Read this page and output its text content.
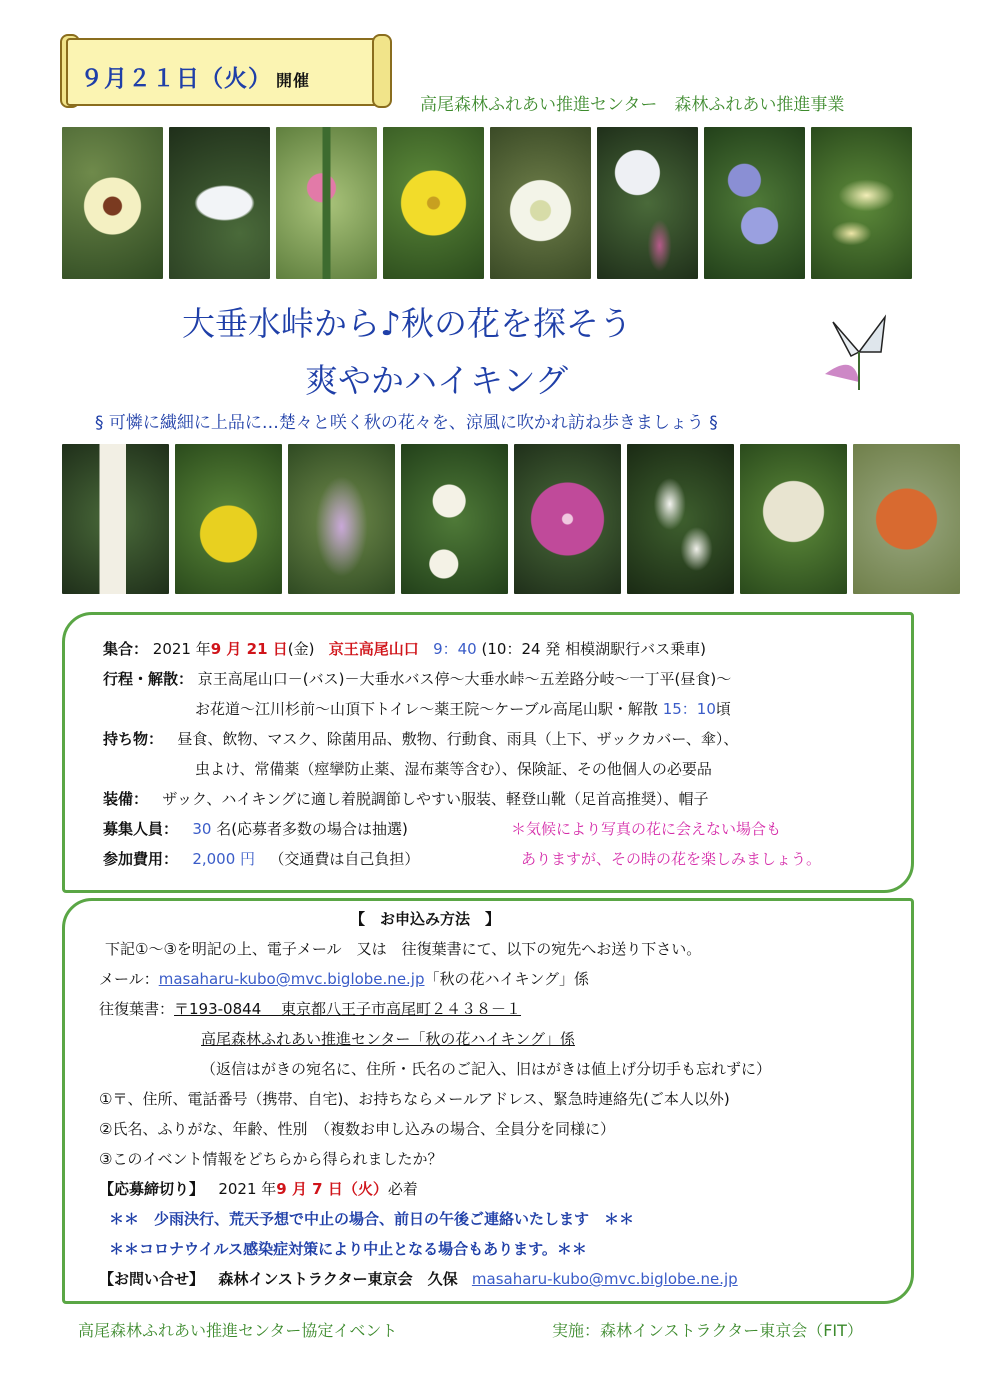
９月２１日（火） 開催
高尾森林ふれあい推進センター　森林ふれあい推進事業
大垂水峠から♪秋の花を探そう
爽やかハイキング
§ 可憐に繊細に上品に…楚々と咲く秋の花々を、涼風に吹かれ訪ね歩きましょう §
集合： 2021 年9 月 21 日(金) 京王高尾山口 9：40 (10：24 発 相模湖駅行バス乗車)
行程・解散： 京王高尾山口－(バス)－大垂水バス停～大垂水峠～五差路分岐～一丁平(昼食)～
お花道～江川杉前～山頂下トイレ～薬王院～ケーブル高尾山駅・解散 15：10頃
持ち物： 昼食、飲物、マスク、除菌用品、敷物、行動食、雨具（上下、ザックカバー、傘）、
虫よけ、常備薬（痙攣防止薬、湿布薬等含む）、保険証、その他個人の必要品
装備： ザック、ハイキングに適し着脱調節しやすい服装、軽登山靴（足首高推奨）、帽子
募集人員： 30 名(応募者多数の場合は抽選)
参加費用： 2,000 円 （交通費は自己負担）
＊気候により写真の花に会えない場合も
ありますが、その時の花を楽しみましょう。
【　お申込み方法　】
下記①～③を明記の上、電子メール　又は　往復葉書にて、以下の宛先へお送り下さい。
メール：masaharu-kubo@mvc.biglobe.ne.jp「秋の花ハイキング」係
往復葉書：〒193-0844　 東京都八王子市高尾町２４３８－１
高尾森林ふれあい推進センター「秋の花ハイキング」係
（返信はがきの宛名に、住所・氏名のご記入、旧はがきは値上げ分切手も忘れずに）
①〒、住所、電話番号（携帯、自宅)、お持ちならメールアドレス、緊急時連絡先(ご本人以外)
②氏名、ふりがな、年齢、性別　（複数お申し込みの場合、全員分を同様に）
③このイベント情報をどちらから得られましたか？
【応募締切り】 2021 年9 月 7 日（火）必着
＊＊　少雨決行、荒天予想で中止の場合、前日の午後ご連絡いたします　＊＊
＊＊コロナウイルス感染症対策により中止となる場合もあります。＊＊
【お問い合せ】 森林インストラクター東京会　久保 masaharu-kubo@mvc.biglobe.ne.jp
高尾森林ふれあい推進センター協定イベント	実施：森林インストラクター東京会（FIT）
